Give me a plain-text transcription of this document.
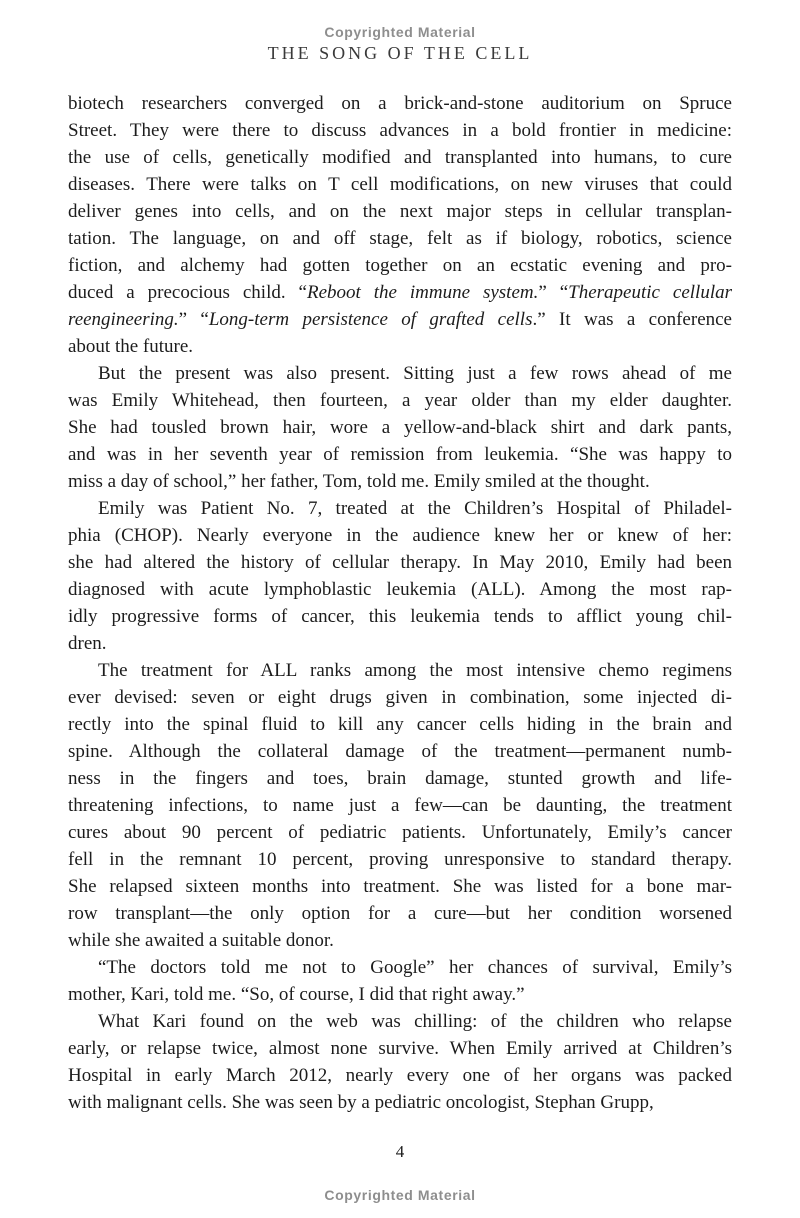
Copyrighted Material
THE SONG OF THE CELL
biotech researchers converged on a brick-and-stone auditorium on Spruce
Street. They were there to discuss advances in a bold frontier in medicine:
the use of cells, genetically modified and transplanted into humans, to cure
diseases. There were talks on T cell modifications, on new viruses that could
deliver genes into cells, and on the next major steps in cellular transplan-
tation. The language, on and off stage, felt as if biology, robotics, science
fiction, and alchemy had gotten together on an ecstatic evening and pro-
duced a precocious child. “Reboot the immune system.” “Therapeutic cellular
reengineering.” “Long-term persistence of grafted cells.” It was a conference
about the future.
But the present was also present. Sitting just a few rows ahead of me
was Emily Whitehead, then fourteen, a year older than my elder daughter.
She had tousled brown hair, wore a yellow-and-black shirt and dark pants,
and was in her seventh year of remission from leukemia. “She was happy to
miss a day of school,” her father, Tom, told me. Emily smiled at the thought.
Emily was Patient No. 7, treated at the Children’s Hospital of Philadel-
phia (CHOP). Nearly everyone in the audience knew her or knew of her:
she had altered the history of cellular therapy. In May 2010, Emily had been
diagnosed with acute lymphoblastic leukemia (ALL). Among the most rap-
idly progressive forms of cancer, this leukemia tends to afflict young chil-
dren.
The treatment for ALL ranks among the most intensive chemo regimens
ever devised: seven or eight drugs given in combination, some injected di-
rectly into the spinal fluid to kill any cancer cells hiding in the brain and
spine. Although the collateral damage of the treatment—permanent numb-
ness in the fingers and toes, brain damage, stunted growth and life-
threatening infections, to name just a few—can be daunting, the treatment
cures about 90 percent of pediatric patients. Unfortunately, Emily’s cancer
fell in the remnant 10 percent, proving unresponsive to standard therapy.
She relapsed sixteen months into treatment. She was listed for a bone mar-
row transplant—the only option for a cure—but her condition worsened
while she awaited a suitable donor.
“The doctors told me not to Google” her chances of survival, Emily’s
mother, Kari, told me. “So, of course, I did that right away.”
What Kari found on the web was chilling: of the children who relapse
early, or relapse twice, almost none survive. When Emily arrived at Children’s
Hospital in early March 2012, nearly every one of her organs was packed
with malignant cells. She was seen by a pediatric oncologist, Stephan Grupp,
4
Copyrighted Material
